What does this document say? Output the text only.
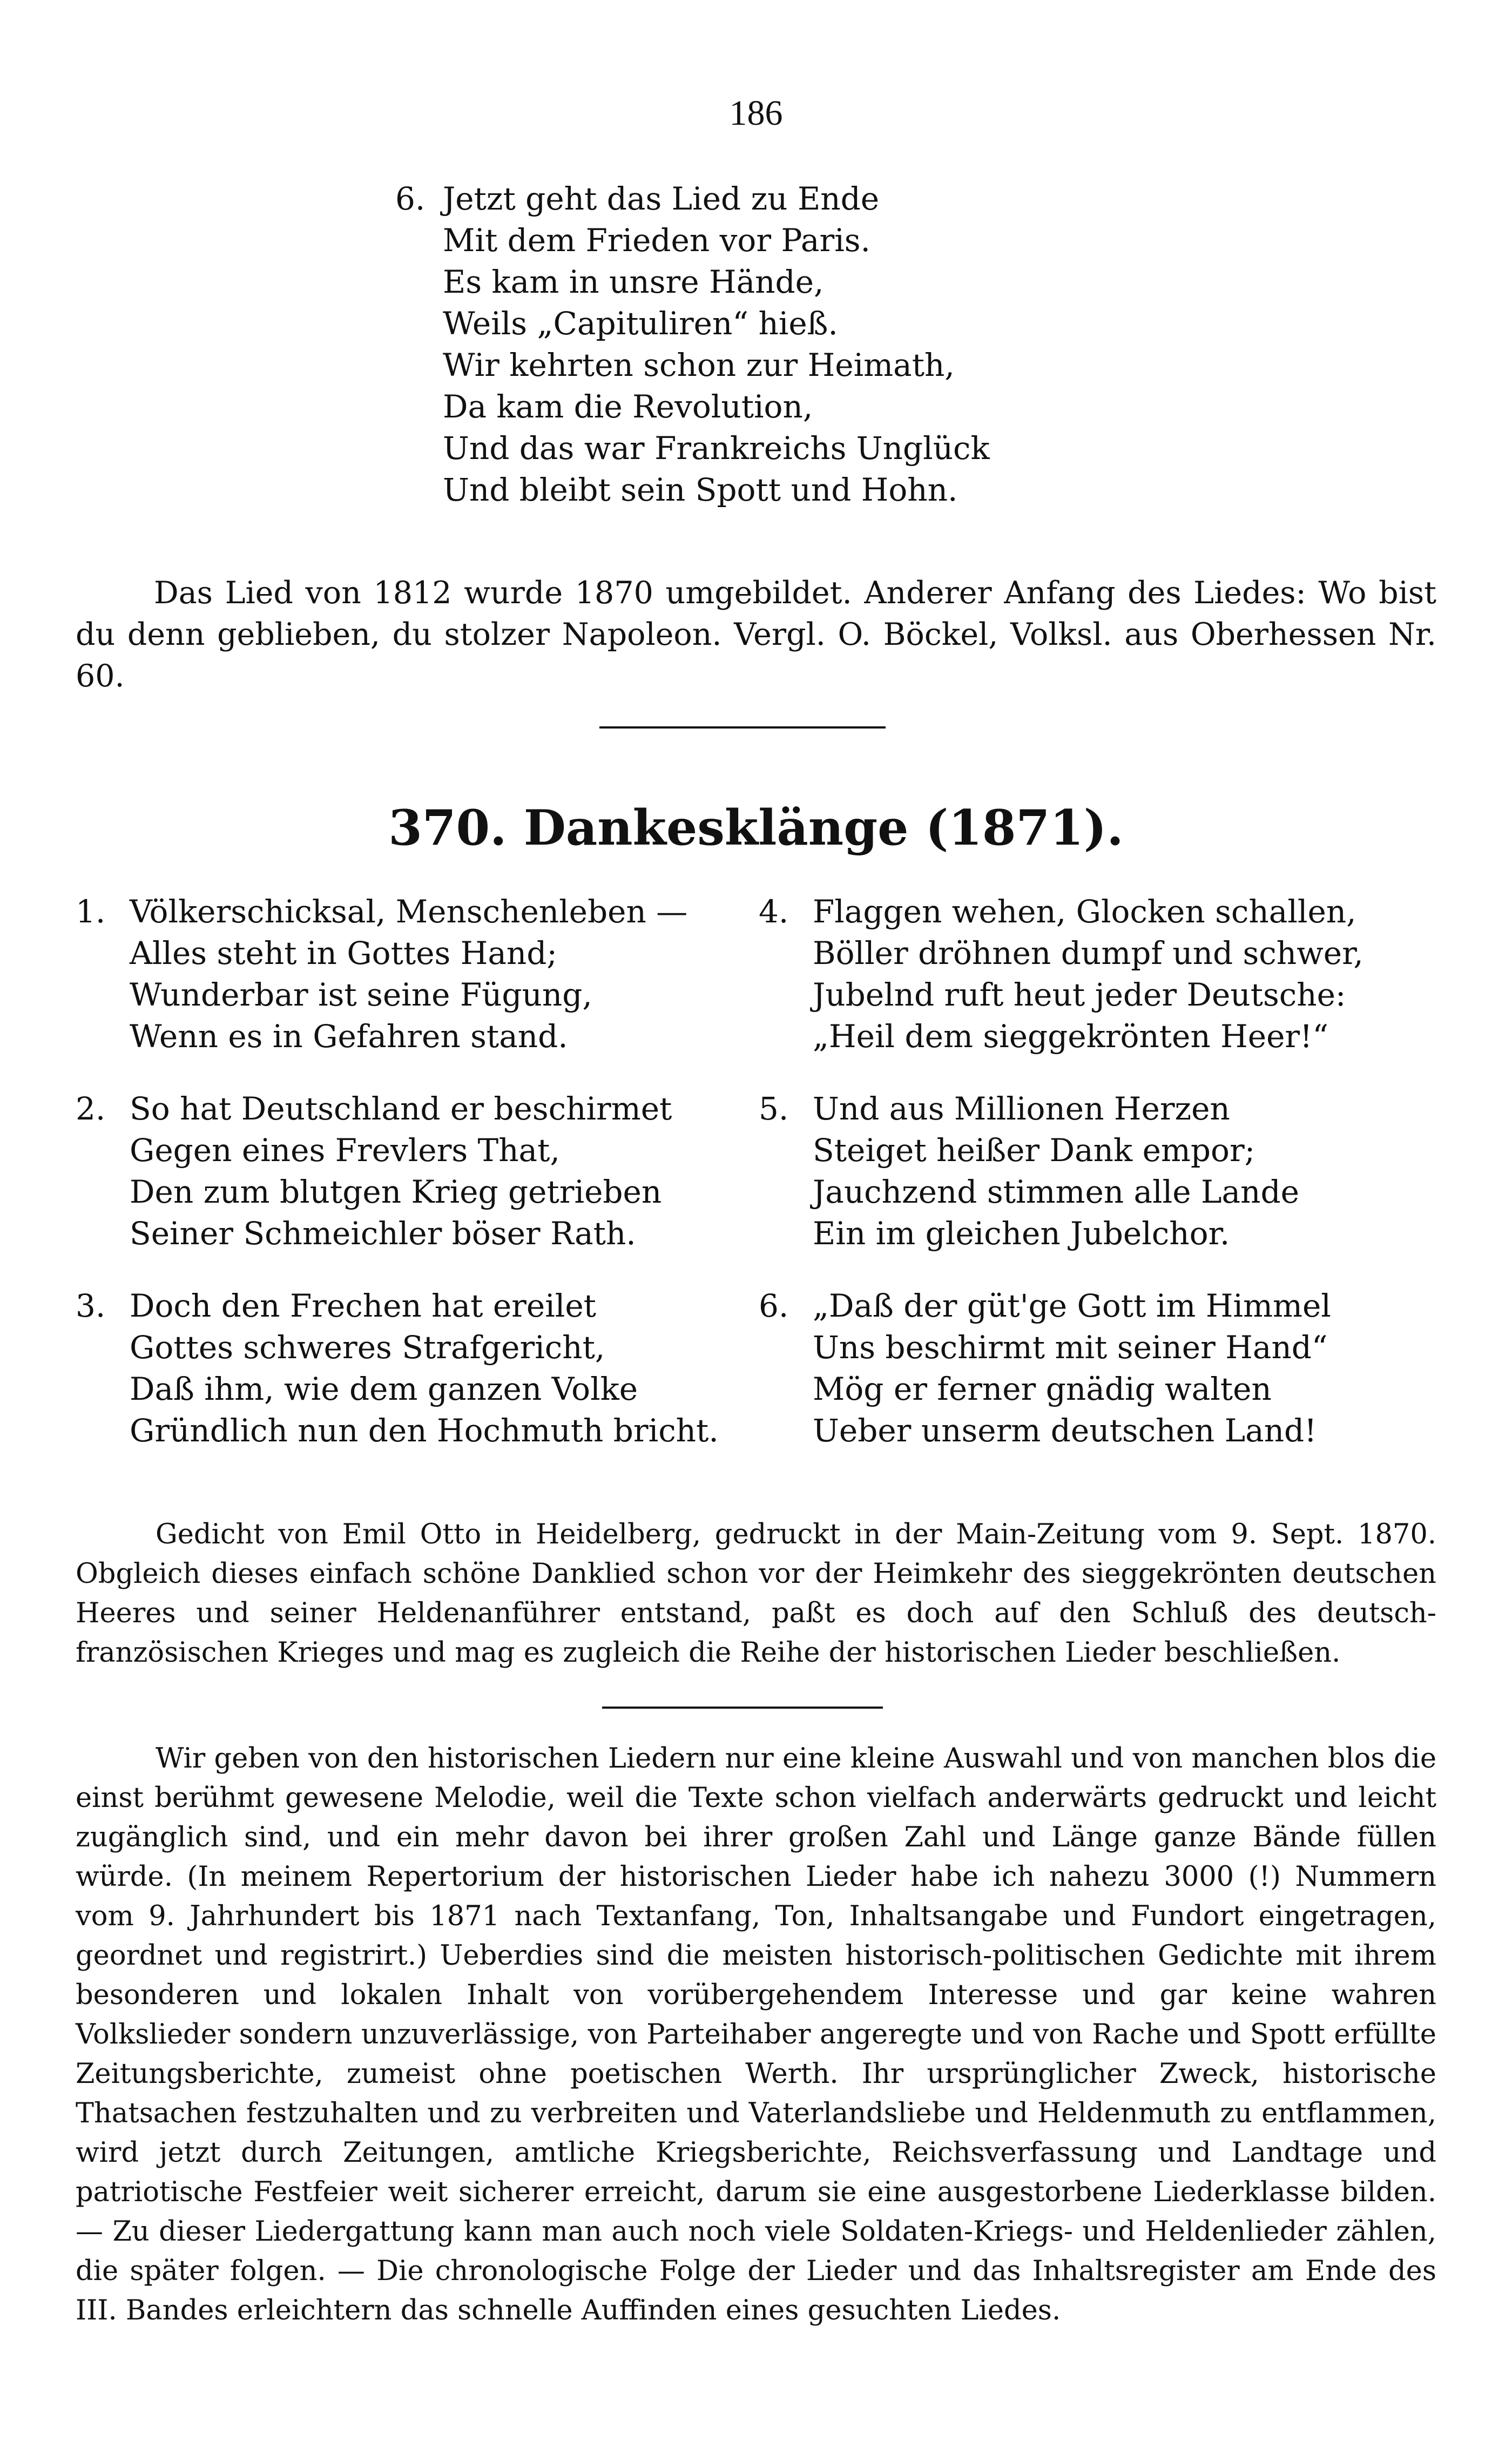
186
6. Jetzt geht das Lied zu Ende
Mit dem Frieden vor Paris.
Es kam in unsre Hände,
Weils „Capituliren“ hieß.
Wir kehrten schon zur Heimath,
Da kam die Revolution,
Und das war Frankreichs Unglück
Und bleibt sein Spott und Hohn.

Das Lied von 1812 wurde 1870 umgebildet. Anderer Anfang des Liedes: Wo bist du denn geblieben, du stolzer Napoleon. Vergl. O. Böckel, Volksl. aus Oberhessen Nr. 60.

370. Dankesklänge (1871).
1. Völkerschicksal, Menschenleben —
Alles steht in Gottes Hand;
Wunderbar ist seine Fügung,
Wenn es in Gefahren stand.
2. So hat Deutschland er beschirmet
Gegen eines Frevlers That,
Den zum blutgen Krieg getrieben
Seiner Schmeichler böser Rath.
3. Doch den Frechen hat ereilet
Gottes schweres Strafgericht,
Daß ihm, wie dem ganzen Volke
Gründlich nun den Hochmuth bricht.
4. Flaggen wehen, Glocken schallen,
Böller dröhnen dumpf und schwer,
Jubelnd ruft heut jeder Deutsche:
„Heil dem sieggekrönten Heer!“
5. Und aus Millionen Herzen
Steiget heißer Dank empor;
Jauchzend stimmen alle Lande
Ein im gleichen Jubelchor.
6. „Daß der güt'ge Gott im Himmel
Uns beschirmt mit seiner Hand“
Mög er ferner gnädig walten
Ueber unserm deutschen Land!

Gedicht von Emil Otto in Heidelberg, gedruckt in der Main-Zeitung vom 9. Sept. 1870. Obgleich dieses einfach schöne Danklied schon vor der Heimkehr des sieggekrönten deutschen Heeres und seiner Heldenanführer entstand, paßt es doch auf den Schluß des deutsch-französischen Krieges und mag es zugleich die Reihe der historischen Lieder beschließen.

Wir geben von den historischen Liedern nur eine kleine Auswahl und von manchen blos die einst berühmt gewesene Melodie, weil die Texte schon vielfach anderwärts gedruckt und leicht zugänglich sind, und ein mehr davon bei ihrer großen Zahl und Länge ganze Bände füllen würde. (In meinem Repertorium der historischen Lieder habe ich nahezu 3000 (!) Nummern vom 9. Jahrhundert bis 1871 nach Textanfang, Ton, Inhaltsangabe und Fundort eingetragen, geordnet und registrirt.) Ueberdies sind die meisten historisch-politischen Gedichte mit ihrem besonderen und lokalen Inhalt von vorübergehendem Interesse und gar keine wahren Volkslieder sondern unzuverlässige, von Parteihaber angeregte und von Rache und Spott erfüllte Zeitungsberichte, zumeist ohne poetischen Werth. Ihr ursprünglicher Zweck, historische Thatsachen festzuhalten und zu verbreiten und Vaterlandsliebe und Heldenmuth zu entflammen, wird jetzt durch Zeitungen, amtliche Kriegsberichte, Reichsverfassung und Landtage und patriotische Festfeier weit sicherer erreicht, darum sie eine ausgestorbene Liederklasse bilden. — Zu dieser Liedergattung kann man auch noch viele Soldaten-Kriegs- und Heldenlieder zählen, die später folgen. — Die chronologische Folge der Lieder und das Inhaltsregister am Ende des III. Bandes erleichtern das schnelle Auffinden eines gesuchten Liedes.
